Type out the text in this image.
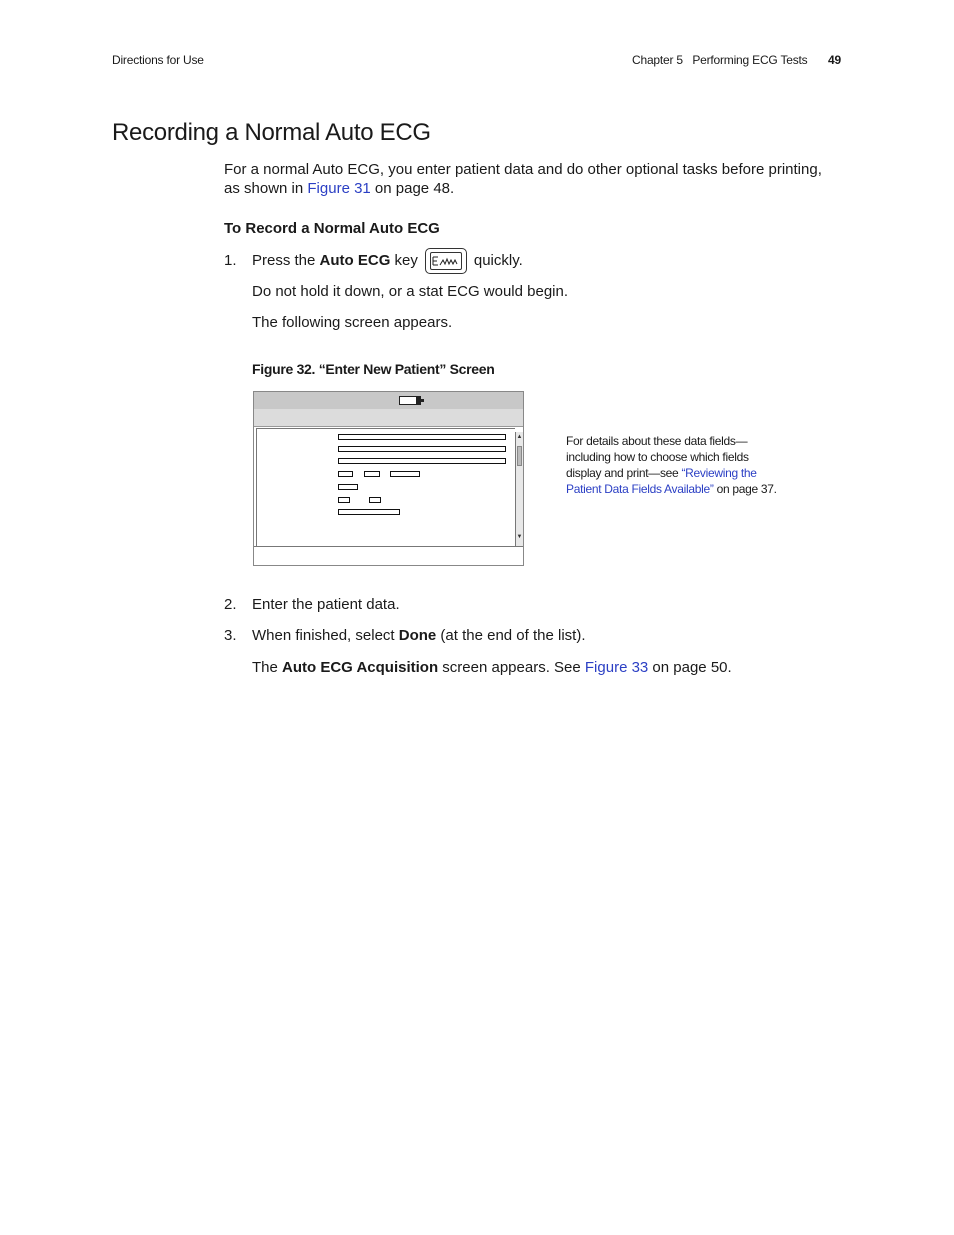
Directions for Use	Chapter 5 Performing ECG Tests 49
Recording a Normal Auto ECG
For a normal Auto ECG, you enter patient data and do other optional tasks before printing,
as shown in Figure 31 on page 48.
To Record a Normal Auto ECG
1. Press the Auto ECG key	quickly.
Do not hold it down, or a stat ECG would begin.
The following screen appears.
Figure 32. “Enter New Patient” Screen
▲
▼
For details about these data fields—
including how to choose which fields
display and print—see “Reviewing the
Patient Data Fields Available” on page 37.
2. Enter the patient data.
3. When finished, select Done (at the end of the list).
The Auto ECG Acquisition screen appears. See Figure 33 on page 50.
